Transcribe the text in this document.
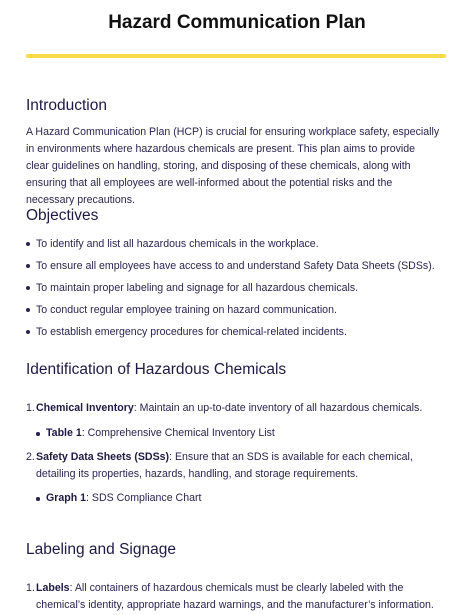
Hazard Communication Plan
Introduction

A Hazard Communication Plan (HCP) is crucial for ensuring workplace safety, especially in environments where hazardous chemicals are present. This plan aims to provide clear guidelines on handling, storing, and disposing of these chemicals, along with ensuring that all employees are well-informed about the potential risks and the necessary precautions.

Objectives
To identify and list all hazardous chemicals in the workplace.
To ensure all employees have access to and understand Safety Data Sheets (SDSs).
To maintain proper labeling and signage for all hazardous chemicals.
To conduct regular employee training on hazard communication.
To establish emergency procedures for chemical-related incidents.
Identification of Hazardous Chemicals
1. Chemical Inventory: Maintain an up-to-date inventory of all hazardous chemicals.
Table 1: Comprehensive Chemical Inventory List
2. Safety Data Sheets (SDSs): Ensure that an SDS is available for each chemical, detailing its properties, hazards, handling, and storage requirements.
Graph 1: SDS Compliance Chart
Labeling and Signage
1. Labels: All containers of hazardous chemicals must be clearly labeled with the chemical’s identity, appropriate hazard warnings, and the manufacturer’s information.
